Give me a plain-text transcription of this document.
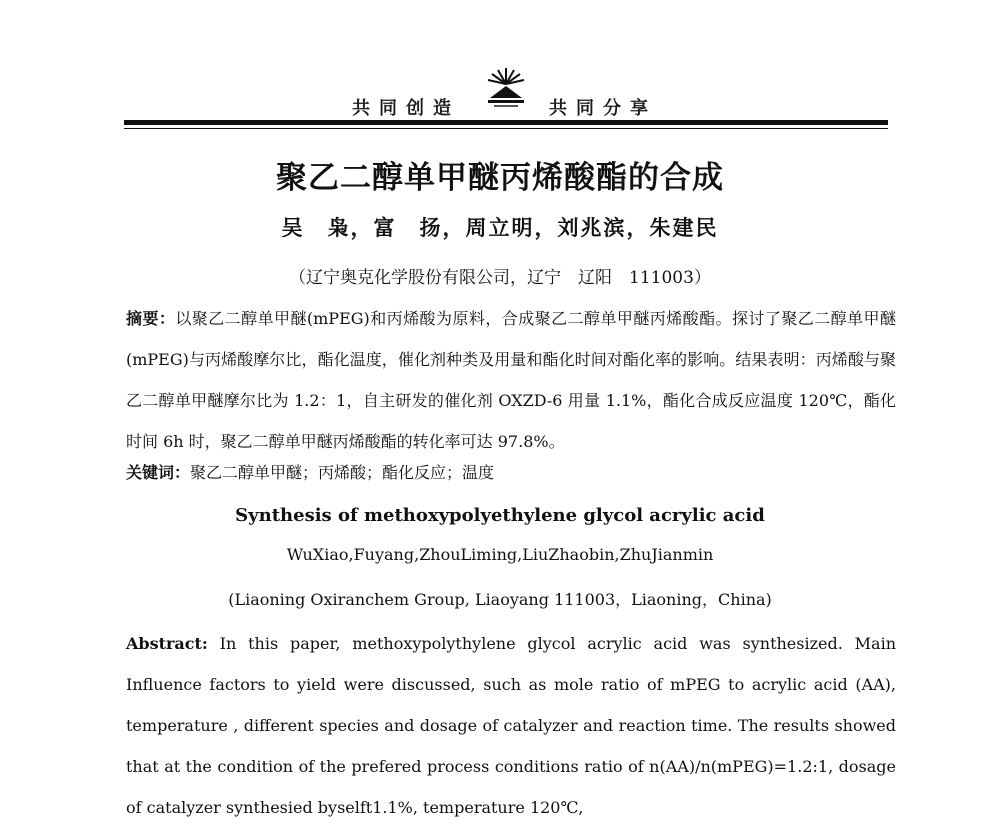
共同创造	共同分享
聚乙二醇单甲醚丙烯酸酯的合成
吴　枭，富　扬，周立明，刘兆滨，朱建民
（辽宁奥克化学股份有限公司，辽宁　辽阳　111003）
摘要：以聚乙二醇单甲醚(mPEG)和丙烯酸为原料，合成聚乙二醇单甲醚丙烯酸酯。探讨了聚乙二醇单甲醚(mPEG)与丙烯酸摩尔比，酯化温度，催化剂种类及用量和酯化时间对酯化率的影响。结果表明：丙烯酸与聚乙二醇单甲醚摩尔比为 1.2：1，自主研发的催化剂 OXZD-6 用量 1.1%，酯化合成反应温度 120℃，酯化时间 6h 时，聚乙二醇单甲醚丙烯酸酯的转化率可达 97.8%。
关键词：聚乙二醇单甲醚；丙烯酸；酯化反应；温度
Synthesis of methoxypolyethylene glycol acrylic acid
WuXiao,Fuyang,ZhouLiming,LiuZhaobin,ZhuJianmin
(Liaoning Oxiranchem Group, Liaoyang 111003，Liaoning，China)
Abstract: In this paper, methoxypolythylene glycol acrylic acid was synthesized. Main Influence factors to yield were discussed, such as mole ratio of mPEG to acrylic acid (AA), temperature , different species and dosage of catalyzer and reaction time. The results showed that at the condition of the prefered process conditions ratio of n(AA)/n(mPEG)=1.2:1, dosage of catalyzer synthesied byselft1.1%, temperature 120℃,
